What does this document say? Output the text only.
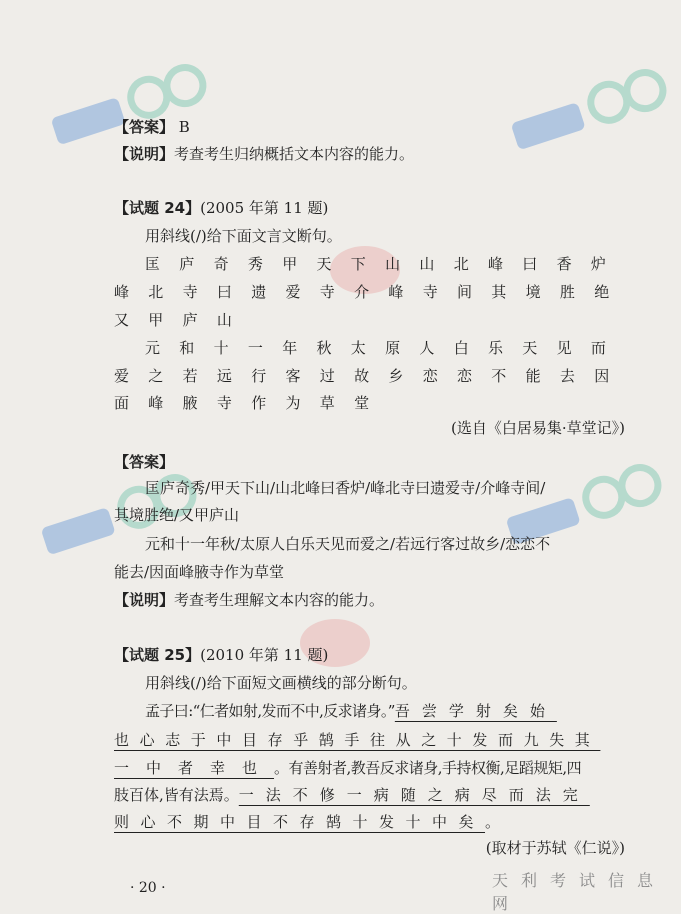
天利考试信息网
【答案】 B
【说明】考查考生归纳概括文本内容的能力。
【试题 24】(2005 年第 11 题)
用斜线(/)给下面文言文断句。
匡庐奇秀甲天下山山北峰曰香炉
峰北寺曰遗爱寺介峰寺间其境胜绝
又甲庐山
元和十一年秋太原人白乐天见而
爱之若远行客过故乡恋恋不能去因
面峰腋寺作为草堂
(选自《白居易集·草堂记》)
【答案】
匡庐奇秀/甲天下山/山北峰曰香炉/峰北寺曰遗爱寺/介峰寺间/
其境胜绝/又甲庐山
元和十一年秋/太原人白乐天见而爱之/若远行客过故乡/恋恋不
能去/因面峰腋寺作为草堂
【说明】考查考生理解文本内容的能力。
【试题 25】(2010 年第 11 题)
用斜线(/)给下面短文画横线的部分断句。
孟子曰:“仁者如射,发而不中,反求诸身。”吾尝学射矣始
也心志于中目存乎鹄手往从之十发而九失其
一中者幸也。有善射者,教吾反求诸身,手持权衡,足蹈规矩,四
肢百体,皆有法焉。一法不修一病随之病尽而法完
则心不期中目不存鹄十发十中矣。
(取材于苏轼《仁说》)
· 20 ·
